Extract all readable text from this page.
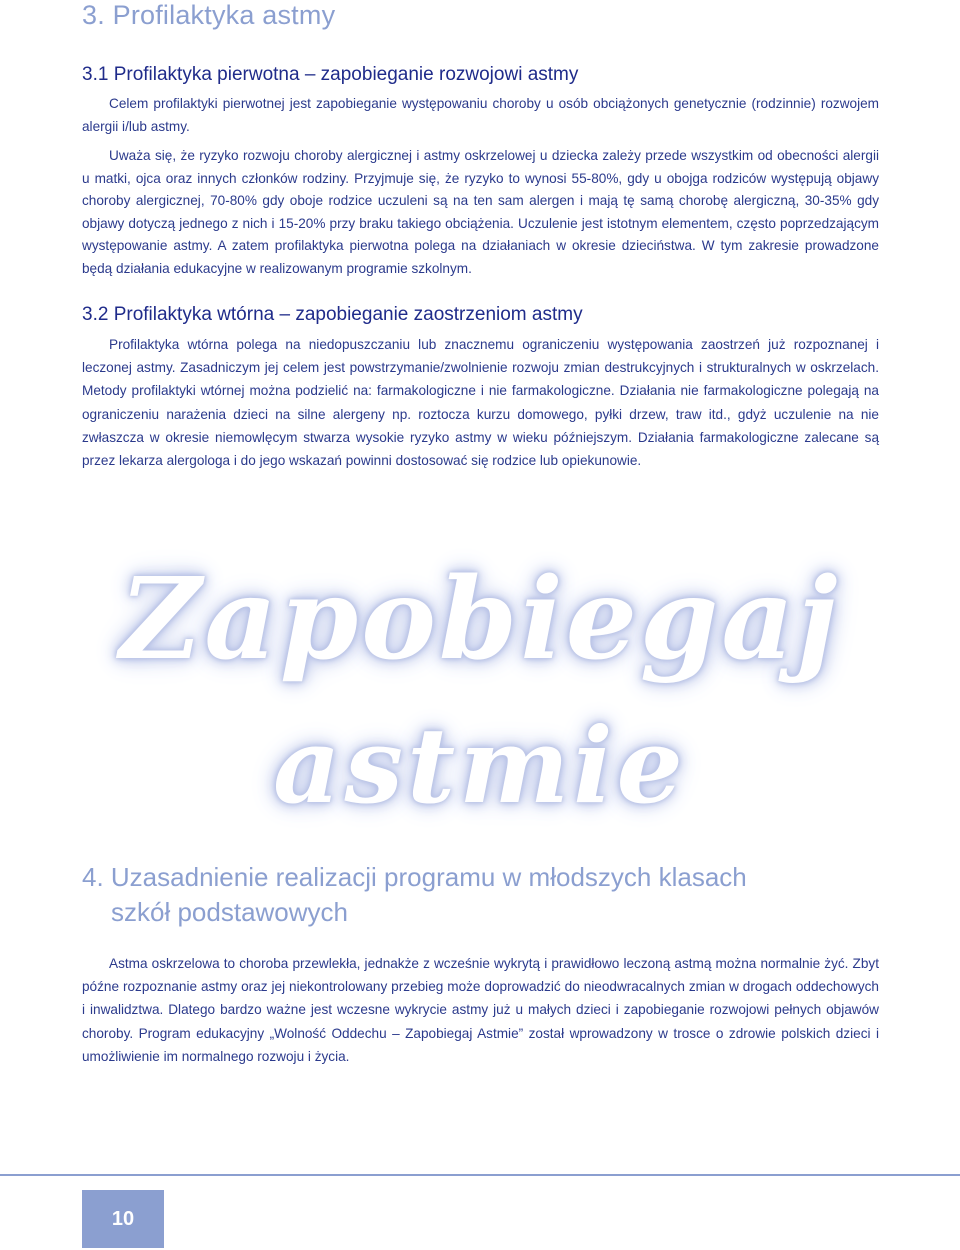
3. Profilaktyka astmy
3.1 Profilaktyka pierwotna – zapobieganie rozwojowi astmy

Celem profilaktyki pierwotnej jest zapobieganie występowaniu choroby u osób obciążonych genetycznie (rodzinnie) rozwojem alergii i/lub astmy.

Uważa się, że ryzyko rozwoju choroby alergicznej i astmy oskrzelowej u dziecka zależy przede wszystkim od obecności alergii u matki, ojca oraz innych członków rodziny. Przyjmuje się, że ryzyko to wynosi 55-80%, gdy u obojga rodziców występują objawy choroby alergicznej, 70-80% gdy oboje rodzice uczuleni są na ten sam alergen i mają tę samą chorobę alergiczną, 30-35% gdy objawy dotyczą jednego z nich i 15-20% przy braku takiego obciążenia. Uczulenie jest istotnym elementem, często poprzedzającym występowanie astmy. A zatem profilaktyka pierwotna polega na działaniach w okresie dzieciństwa. W tym zakresie prowadzone będą działania edukacyjne w realizowanym programie szkolnym.

3.2 Profilaktyka wtórna – zapobieganie zaostrzeniom astmy

Profilaktyka wtórna polega na niedopuszczaniu lub znacznemu ograniczeniu występowania zaostrzeń już rozpoznanej i leczonej astmy. Zasadniczym jej celem jest powstrzymanie/zwolnienie rozwoju zmian destrukcyjnych i strukturalnych w oskrzelach. Metody profilaktyki wtórnej można podzielić na: farmakologiczne i nie farmakologiczne. Działania nie farmakologiczne polegają na ograniczeniu narażenia dzieci na silne alergeny np. roztocza kurzu domowego, pyłki drzew, traw itd., gdyż uczulenie na nie zwłaszcza w okresie niemowlęcym stwarza wysokie ryzyko astmy w wieku późniejszym. Działania farmakologiczne zalecane są przez lekarza alergologa i do jego wskazań powinni dostosować się rodzice lub opiekunowie.

Zapobiegaj
astmie
4. Uzasadnienie realizacji programu w młodszych klasach
szkół podstawowych

Astma oskrzelowa to choroba przewlekła, jednakże z wcześnie wykrytą i prawidłowo leczoną astmą można normalnie żyć. Zbyt późne rozpoznanie astmy oraz jej niekontrolowany przebieg może doprowadzić do nieodwracalnych zmian w drogach oddechowych i inwalidztwa. Dlatego bardzo ważne jest wczesne wykrycie astmy już u małych dzieci i zapobieganie rozwojowi pełnych objawów choroby. Program edukacyjny „Wolność Oddechu – Zapobiegaj Astmie” został wprowadzony w trosce o zdrowie polskich dzieci i umożliwienie im normalnego rozwoju i życia.

10
